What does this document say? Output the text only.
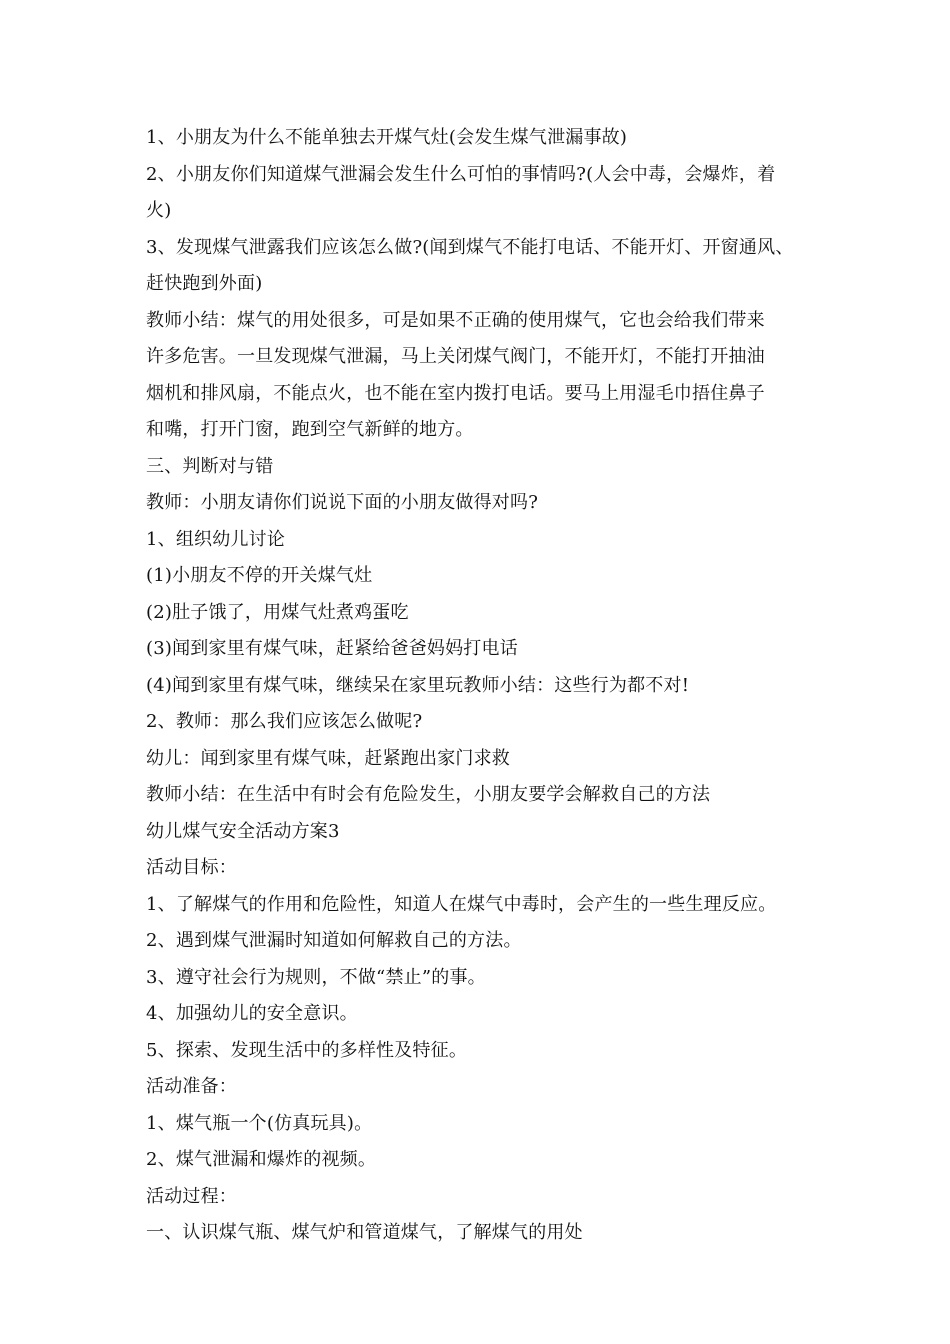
1、小朋友为什么不能单独去开煤气灶(会发生煤气泄漏事故)
2、小朋友你们知道煤气泄漏会发生什么可怕的事情吗?(人会中毒，会爆炸，着
火)
3、发现煤气泄露我们应该怎么做?(闻到煤气不能打电话、不能开灯、开窗通风、
赶快跑到外面)
教师小结：煤气的用处很多，可是如果不正确的使用煤气，它也会给我们带来
许多危害。一旦发现煤气泄漏，马上关闭煤气阀门，不能开灯，不能打开抽油
烟机和排风扇，不能点火，也不能在室内拨打电话。要马上用湿毛巾捂住鼻子
和嘴，打开门窗，跑到空气新鲜的地方。
三、判断对与错
教师：小朋友请你们说说下面的小朋友做得对吗?
1、组织幼儿讨论
(1)小朋友不停的开关煤气灶
(2)肚子饿了，用煤气灶煮鸡蛋吃
(3)闻到家里有煤气味，赶紧给爸爸妈妈打电话
(4)闻到家里有煤气味，继续呆在家里玩教师小结：这些行为都不对!
2、教师：那么我们应该怎么做呢?
幼儿：闻到家里有煤气味，赶紧跑出家门求救
教师小结：在生活中有时会有危险发生，小朋友要学会解救自己的方法
幼儿煤气安全活动方案3
活动目标：
1、了解煤气的作用和危险性，知道人在煤气中毒时，会产生的一些生理反应。
2、遇到煤气泄漏时知道如何解救自己的方法。
3、遵守社会行为规则，不做“禁止”的事。
4、加强幼儿的安全意识。
5、探索、发现生活中的多样性及特征。
活动准备：
1、煤气瓶一个(仿真玩具)。
2、煤气泄漏和爆炸的视频。
活动过程：
一、认识煤气瓶、煤气炉和管道煤气，了解煤气的用处
